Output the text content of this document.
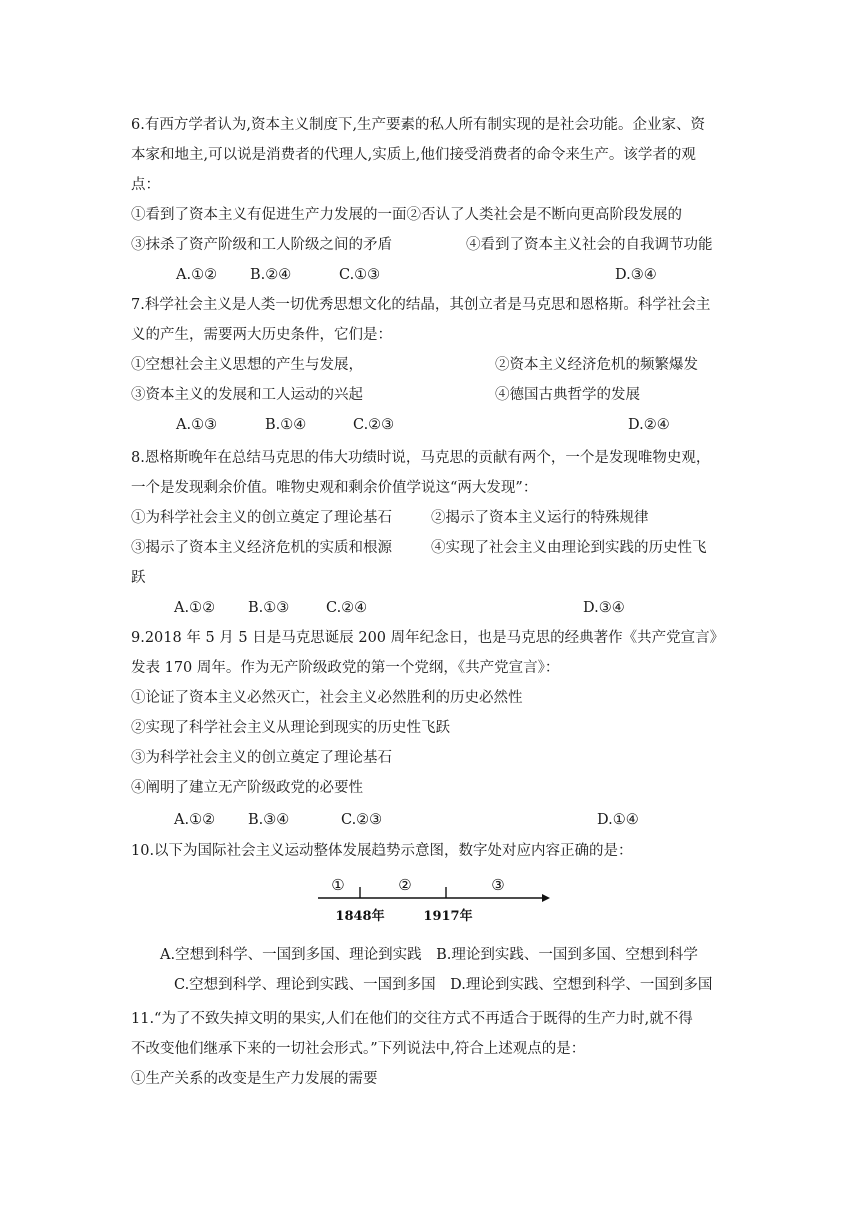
6.有西方学者认为,资本主义制度下,生产要素的私人所有制实现的是社会功能。企业家、资
本家和地主,可以说是消费者的代理人,实质上,他们接受消费者的命令来生产。该学者的观
点：
①看到了资本主义有促进生产力发展的一面②否认了人类社会是不断向更高阶段发展的
③抹杀了资产阶级和工人阶级之间的矛盾	④看到了资本主义社会的自我调节功能
A.①② B.②④	C.①③	D.③④
7.科学社会主义是人类一切优秀思想文化的结晶，其创立者是马克思和恩格斯。科学社会主
义的产生，需要两大历史条件，它们是：
①空想社会主义思想的产生与发展，	②资本主义经济危机的频繁爆发
③资本主义的发展和工人运动的兴起	④德国古典哲学的发展
A.①③	B.①④	C.②③	D.②④
8.恩格斯晚年在总结马克思的伟大功绩时说，马克思的贡献有两个，一个是发现唯物史观，
一个是发现剩余价值。唯物史观和剩余价值学说这“两大发现”：
①为科学社会主义的创立奠定了理论基石	②揭示了资本主义运行的特殊规律
③揭示了资本主义经济危机的实质和根源	④实现了社会主义由理论到实践的历史性飞
跃
A.①② B.①③	C.②④	D.③④
9.2018 年 5 月 5 日是马克思诞辰 200 周年纪念日，也是马克思的经典著作《共产党宣言》
发表 170 周年。作为无产阶级政党的第一个党纲，《共产党宣言》：
①论证了资本主义必然灭亡，社会主义必然胜利的历史必然性
②实现了科学社会主义从理论到现实的历史性飞跃
③为科学社会主义的创立奠定了理论基石
④阐明了建立无产阶级政党的必要性
A.①② B.③④	C.②③	D.①④
10.以下为国际社会主义运动整体发展趋势示意图，数字处对应内容正确的是：
①	②	③
1848年	1917年
A.空想到科学、一国到多国、理论到实践　B.理论到实践、一国到多国、空想到科学
C.空想到科学、理论到实践、一国到多国　D.理论到实践、空想到科学、一国到多国
11.“为了不致失掉文明的果实,人们在他们的交往方式不再适合于既得的生产力时,就不得
不改变他们继承下来的一切社会形式。”下列说法中,符合上述观点的是：
①生产关系的改变是生产力发展的需要
